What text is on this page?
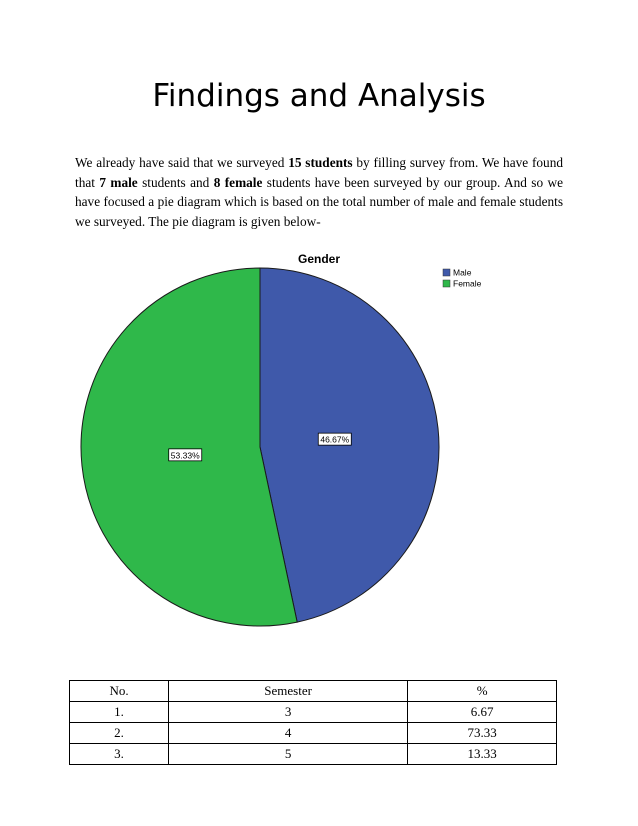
Findings and Analysis

We already have said that we surveyed 15 students by filling survey from. We have found that 7 male students and 8 female students have been surveyed by our group. And so we have focused a pie diagram which is based on the total number of male and female students we surveyed. The pie diagram is given below-

Gender
46.67%
53.33%
Male
Female
No.	Semester	%
1.	3	6.67
2.	4	73.33
3.	5	13.33
